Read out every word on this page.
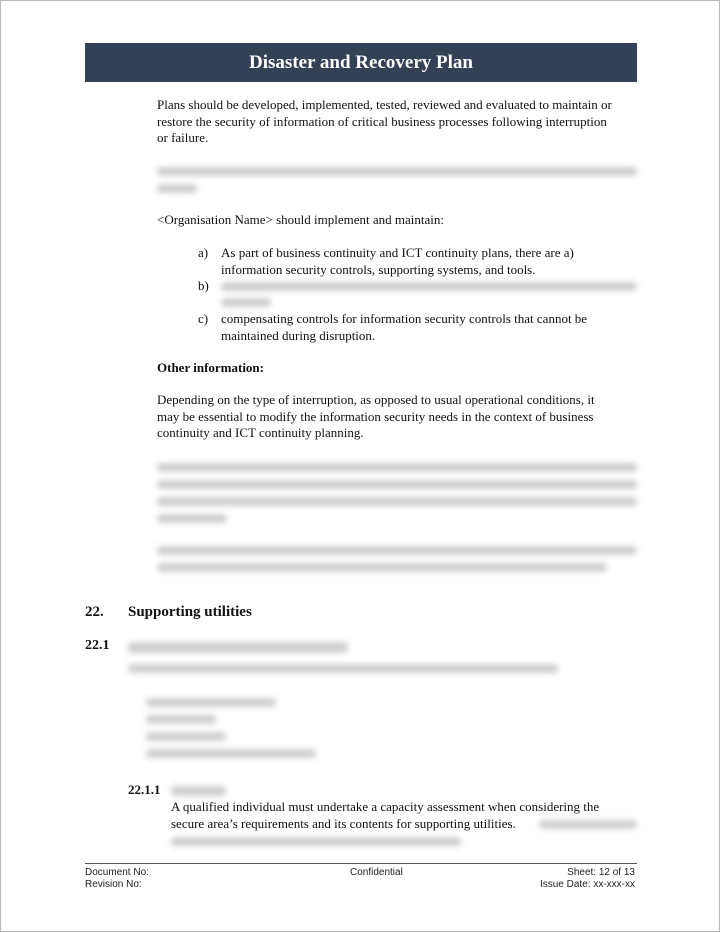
Disaster and Recovery Plan
Plans should be developed, implemented, tested, reviewed and evaluated to maintain or
restore the security of information of critical business processes following interruption
or failure.
<Organisation Name> should implement and maintain:
a) As part of business continuity and ICT continuity plans, there are a)
information security controls, supporting systems, and tools.
b)
c) compensating controls for information security controls that cannot be
maintained during disruption.
Other information:
Depending on the type of interruption, as opposed to usual operational conditions, it
may be essential to modify the information security needs in the context of business
continuity and ICT continuity planning.
22. Supporting utilities
22.1
22.1.1
A qualified individual must undertake a capacity assessment when considering the
secure area’s requirements and its contents for supporting utilities.
Document No:
Revision No:
Confidential	Sheet: 12 of 13
Issue Date: xx-xxx-xx
